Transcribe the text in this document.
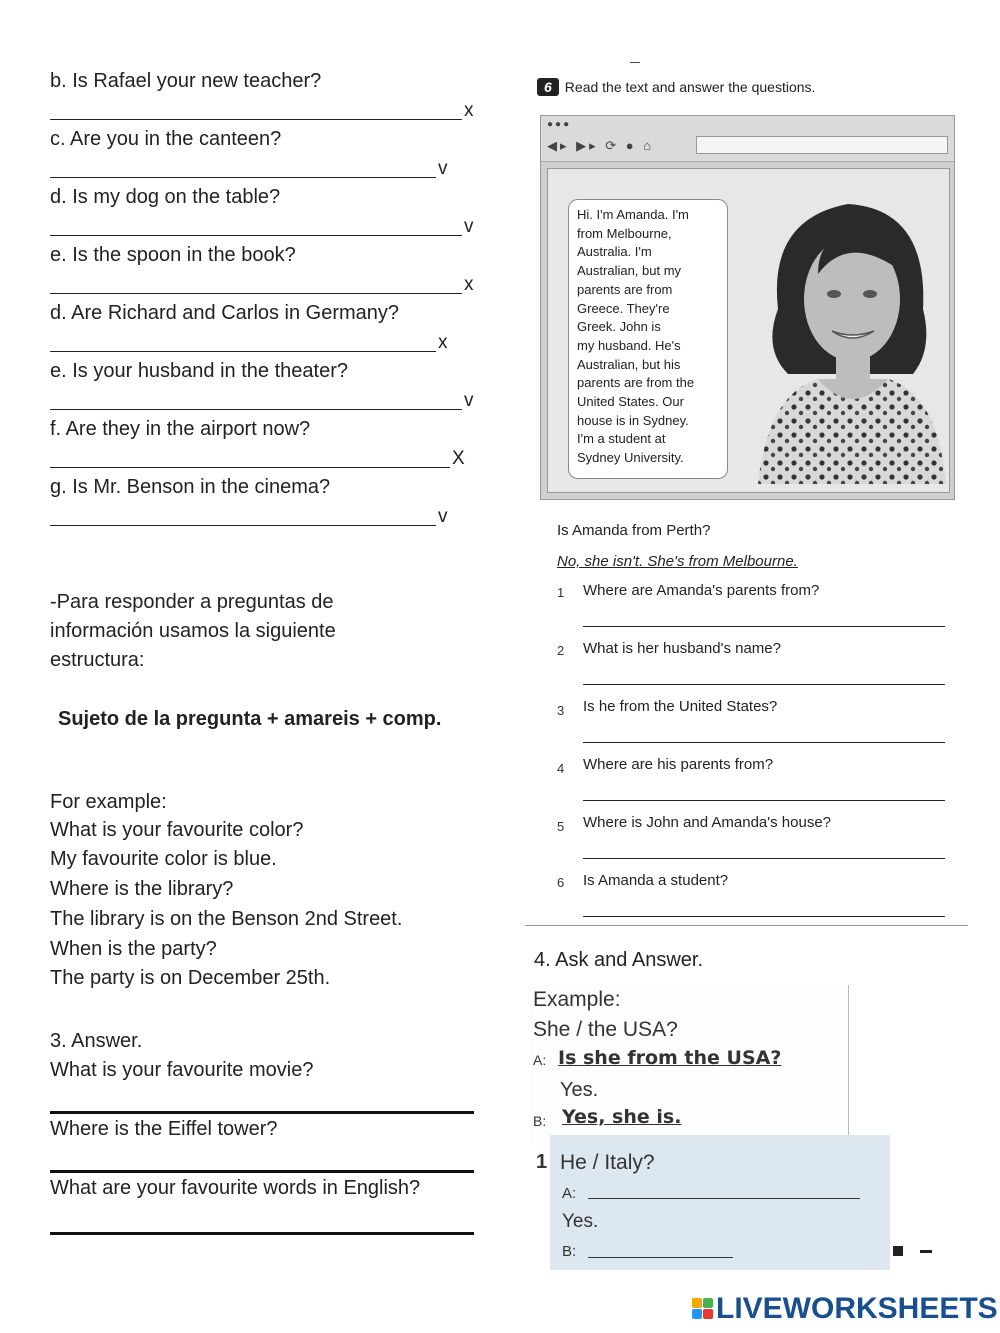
b. Is Rafael your new teacher?
x
c. Are you in the canteen?
v
d. Is my dog on the table?
v
e. Is the spoon in the book?
x
d. Are Richard and Carlos in Germany?
x
e. Is your husband in the theater?
v
f. Are they in the airport now?
X
g. Is Mr. Benson in the cinema?
v
-Para responder a preguntas de
información usamos la siguiente
estructura:
Sujeto de la pregunta + amareis + comp.
For example:
What is your favourite color?
My favourite color is blue.
Where is the library?
The library is on the Benson 2nd Street.
When is the party?
The party is on December 25th.
3. Answer.
What is your favourite movie?
Where is the Eiffel tower?
What are your favourite words in English?
6 Read the text and answer the questions.
●●●
◀▸ ▶▸ ⟳ ● ⌂
Hi. I'm Amanda. I'm
from Melbourne,
Australia. I'm
Australian, but my
parents are from
Greece. They're
Greek. John is
my husband. He's
Australian, but his
parents are from the
United States. Our
house is in Sydney.
I'm a student at
Sydney University.
Is Amanda from Perth?
No, she isn't. She's from Melbourne.
1 Where are Amanda's parents from?
2 What is her husband's name?
3 Is he from the United States?
4 Where are his parents from?
5 Where is John and Amanda's house?
6 Is Amanda a student?
4. Ask and Answer.
Example:
She / the USA?
A: Is she from the USA?
Yes.
B: Yes, she is.
1 He / Italy?
A:
Yes.
B:
LIVEWORKSHEETS
